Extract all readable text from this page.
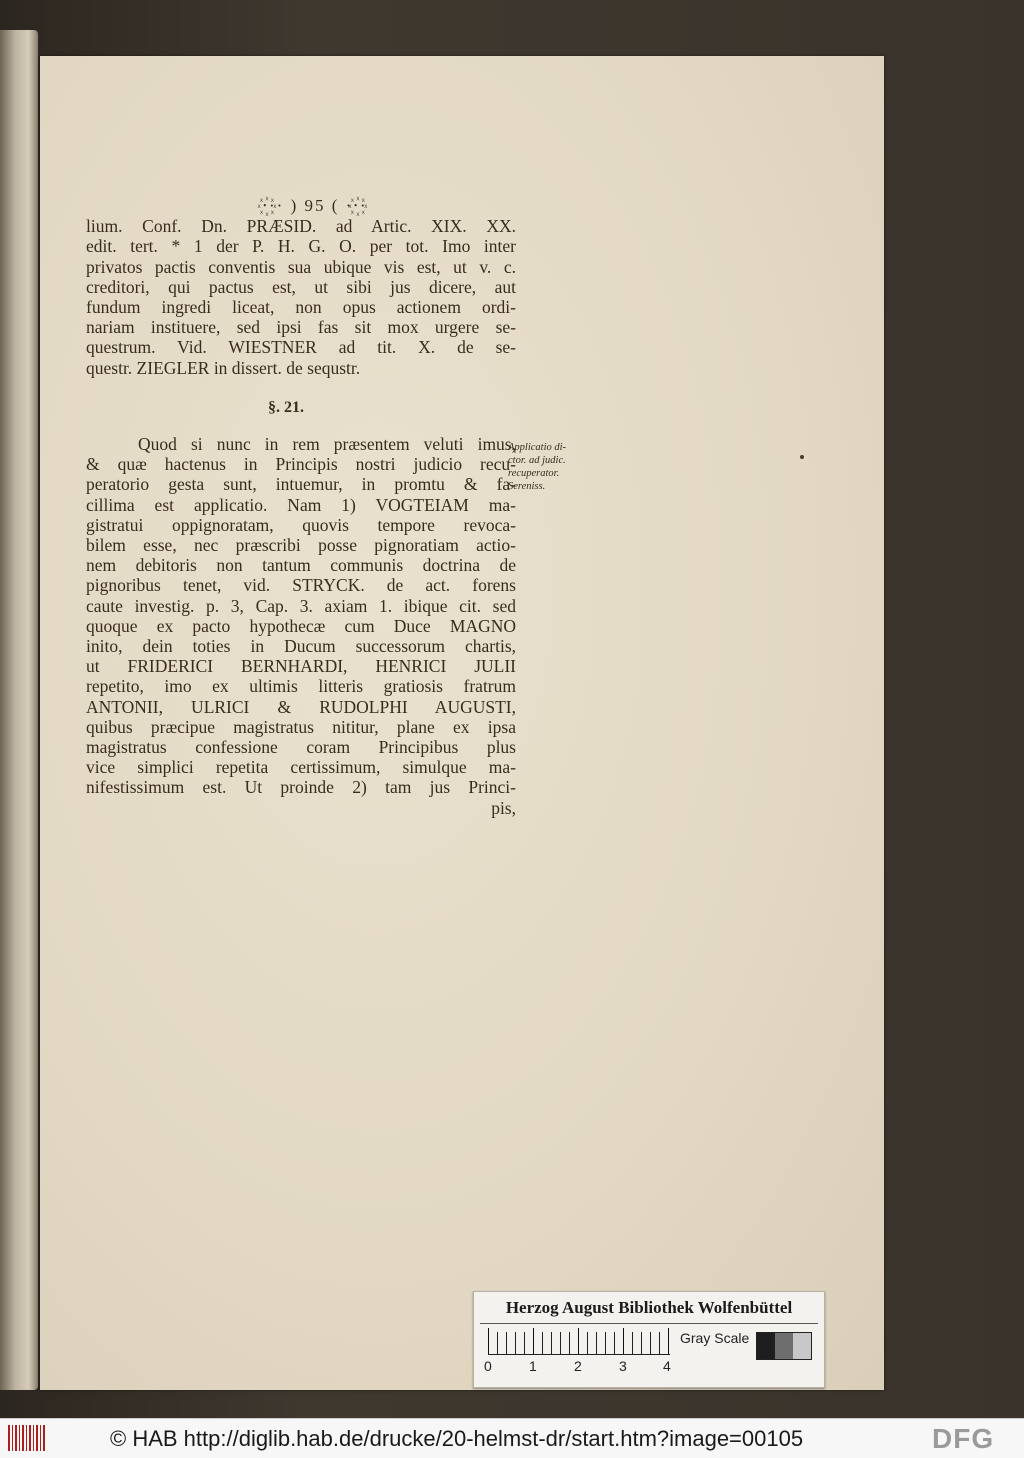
·꙰·· ) 95 ( ··꙰·
lium. Conf. Dn. PRÆSID. ad Artic. XIX. XX.
edit. tert. * 1 der P. H. G. O. per tot. Imo inter
privatos pactis conventis sua ubique vis est, ut v. c.
creditori, qui pactus est, ut sibi jus dicere, aut
fundum ingredi liceat, non opus actionem ordi-
nariam instituere, sed ipsi fas sit mox urgere se-
questrum. Vid. WIESTNER ad tit. X. de se-
questr. ZIEGLER in dissert. de sequstr.
§. 21.
Quod si nunc in rem præsentem veluti imus,
& quæ hactenus in Principis nostri judicio recu-
peratorio gesta sunt, intuemur, in promtu & fa-
cillima est applicatio. Nam 1) VOGTEIAM ma-
gistratui oppignoratam, quovis tempore revoca-
bilem esse, nec præscribi posse pignoratiam actio-
nem debitoris non tantum communis doctrina de
pignoribus tenet, vid. STRYCK. de act. forens
caute investig. p. 3, Cap. 3. axiam 1. ibique cit. sed
quoque ex pacto hypothecæ cum Duce MAGNO
inito, dein toties in Ducum successorum chartis,
ut FRIDERICI BERNHARDI, HENRICI JULII
repetito, imo ex ultimis litteris gratiosis fratrum
ANTONII, ULRICI & RUDOLPHI AUGUSTI,
quibus præcipue magistratus nititur, plane ex ipsa
magistratus confessione coram Principibus plus
vice simplici repetita certissimum, simulque ma-
nifestissimum est. Ut proinde 2) tam jus Princi-
pis,
Applicatio di-
ctor. ad judic.
recuperator.
Sereniss.
Herzog August Bibliothek Wolfenbüttel
0	1	2	3	4
Gray Scale
© HAB http://diglib.hab.de/drucke/20-helmst-dr/start.htm?image=00105	DFG
